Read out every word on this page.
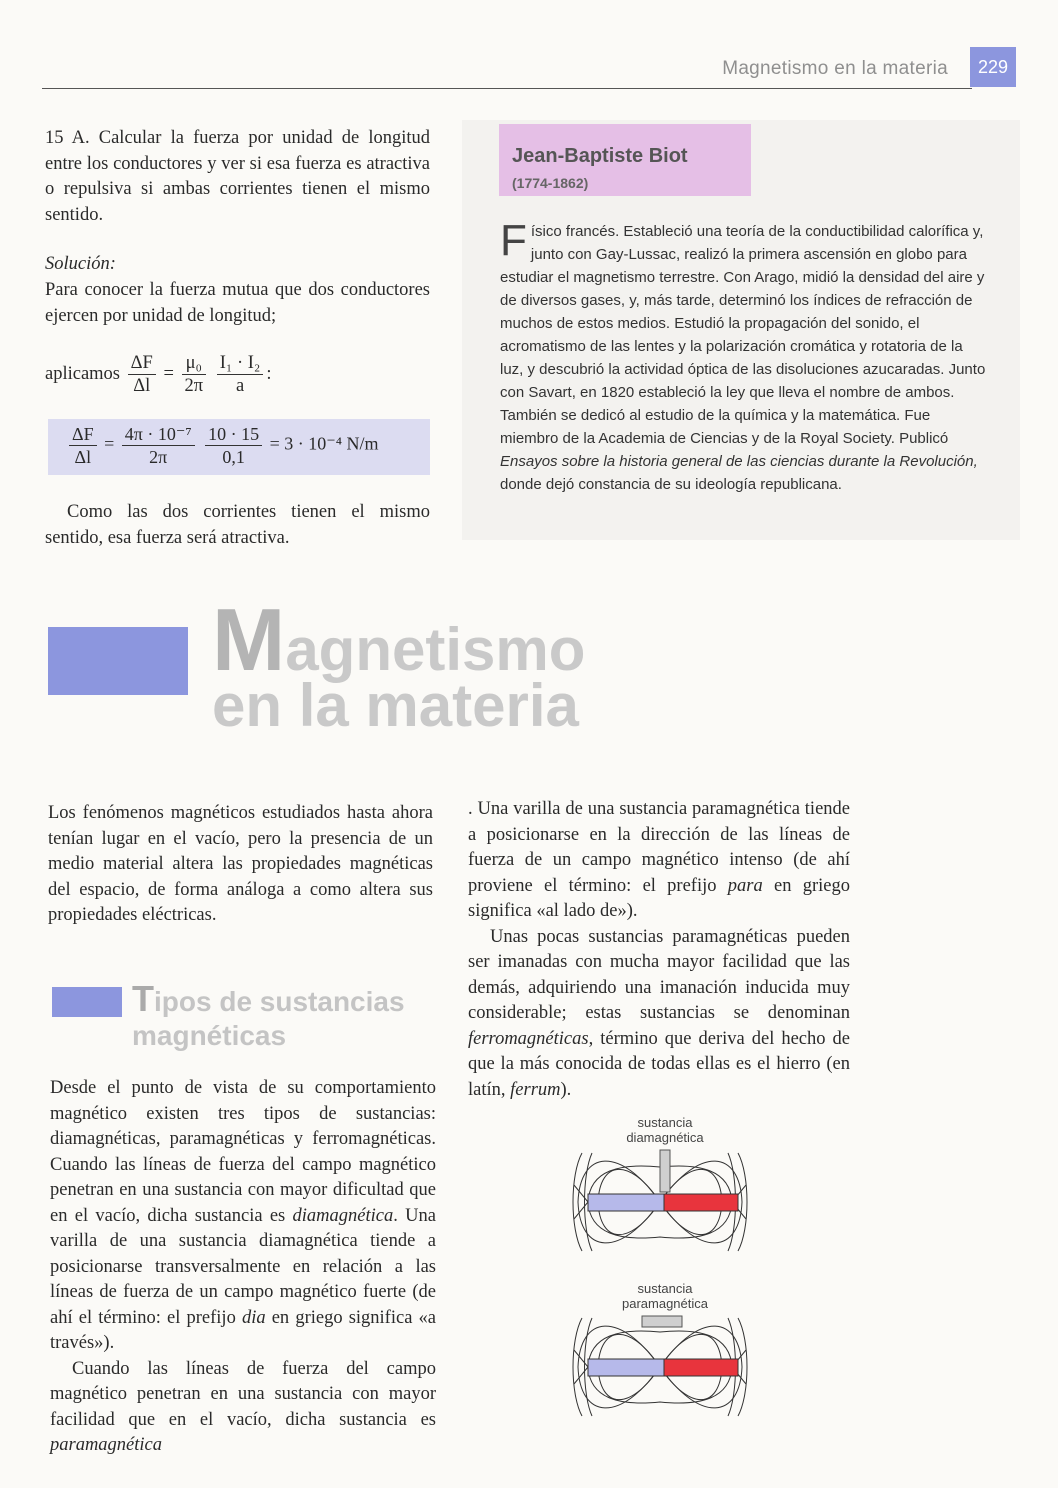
Magnetismo en la materia	229
15 A. Calcular la fuerza por unidad de longitud entre los conductores y ver si esa fuerza es atractiva o repulsiva si ambas corrientes tienen el mismo sentido.
Solución:
Para conocer la fuerza mutua que dos conductores ejercen por unidad de longitud;
aplicamos $\frac{\Delta F}{\Delta l} = \frac{\text{μ₀}}{2\pi}$
$\frac{\text{I₁ · I₂}}{a}$ :
$\frac{\Delta F}{\Delta l} = \frac{\text{4π · 10⁻⁷}}{2\pi}$
$\frac{10 \cdot 15}{0,1} = 3 \cdot 10^{-4}$ N/m
Como las dos corrientes tienen el mismo sentido, esa fuerza será atractiva.
Jean-Baptiste Biot
(1774-1862)

Físico francés. Estableció una teoría de la conductibilidad calorífica y, junto con Gay-Lussac, realizó la primera ascensión en globo para estudiar el magnetismo terrestre. Con Arago, midió la densidad del aire y de diversos gases, y, más tarde, determinó los índices de refracción de muchos de estos medios. Estudió la propagación del sonido, el acromatismo de las lentes y la polarización cromática y rotatoria de la luz, y descubrió la actividad óptica de las disoluciones azucaradas. Junto con Savart, en 1820 estableció la ley que lleva el nombre de ambos.

También se dedicó al estudio de la química y la matemática. Fue miembro de la Academia de Ciencias y de la Royal Society. Publicó Ensayos sobre la historia general de las ciencias durante la Revolución, donde dejó constancia de su ideología republicana.

Magnetismo
en la materia
Los fenómenos magnéticos estudiados hasta ahora tenían lugar en el vacío, pero la presencia de un medio material altera las propiedades magnéticas del espacio, de forma análoga a como altera sus propiedades eléctricas.
Tipos de sustancias
magnéticas

Desde el punto de vista de su comportamiento magnético existen tres tipos de sustancias: diamagnéticas, paramagnéticas y ferromagnéticas. Cuando las líneas de fuerza del campo magnético penetran en una sustancia con mayor dificultad que en el vacío, dicha sustancia es diamagnética. Una varilla de una sustancia diamagnética tiende a posicionarse transversalmente en relación a las líneas de fuerza de un campo magnético fuerte (de ahí el término: el prefijo dia en griego significa «a través»).

Cuando las líneas de fuerza del campo magnético penetran en una sustancia con mayor facilidad que en el vacío, dicha sustancia es paramagnética

. Una varilla de una sustancia paramagnética tiende a posicionarse en la dirección de las líneas de fuerza de un campo magnético intenso (de ahí proviene el término: el prefijo para en griego significa «al lado de»).

Unas pocas sustancias paramagnéticas pueden ser imanadas con mucha mayor facilidad que las demás, adquiriendo una imanación inducida muy considerable; estas sustancias se denominan ferromagnéticas, término que deriva del hecho de que la más conocida de todas ellas es el hierro (en latín, ferrum).

sustancia diamagnética
sustancia paramagnética
